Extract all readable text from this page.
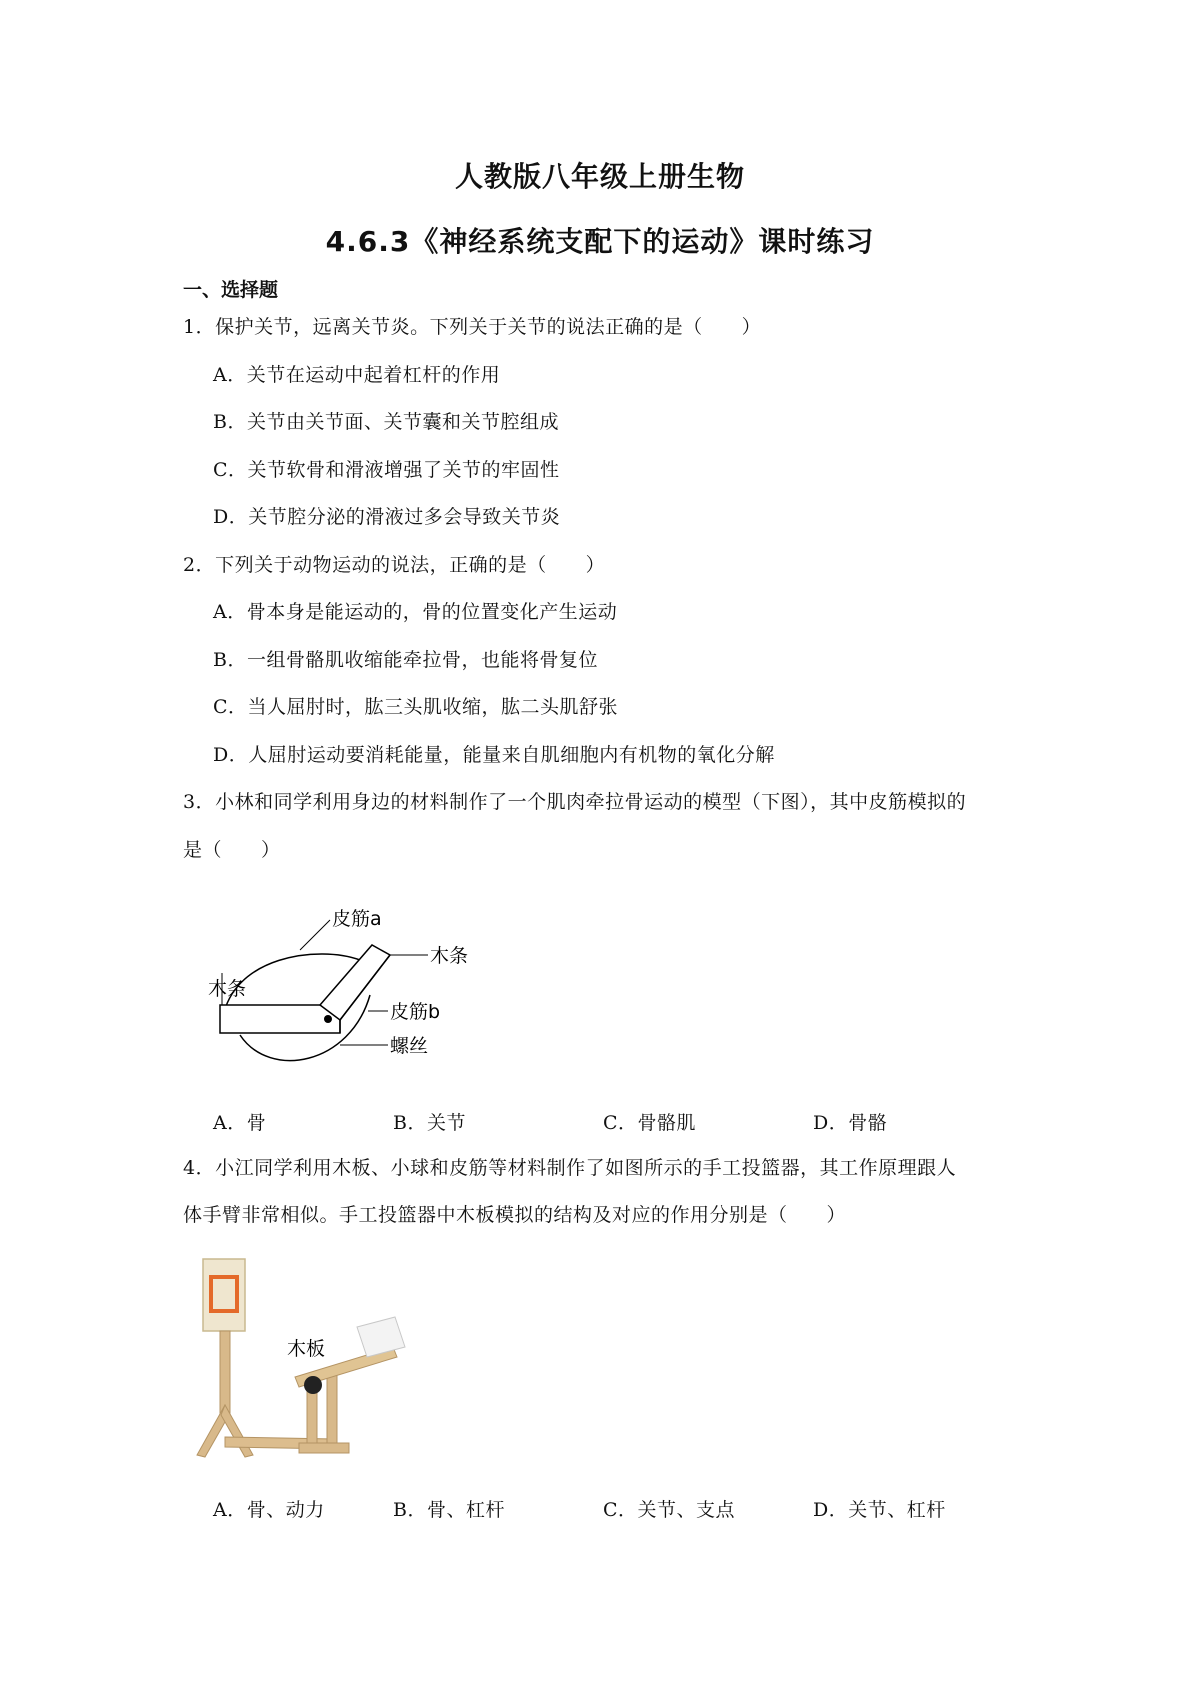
人教版八年级上册生物
4.6.3《神经系统支配下的运动》课时练习
一、选择题
1．保护关节，远离关节炎。下列关于关节的说法正确的是（　　）
A．关节在运动中起着杠杆的作用
B．关节由关节面、关节囊和关节腔组成
C．关节软骨和滑液增强了关节的牢固性
D．关节腔分泌的滑液过多会导致关节炎
2．下列关于动物运动的说法，正确的是（　　）
A．骨本身是能运动的，骨的位置变化产生运动
B．一组骨骼肌收缩能牵拉骨，也能将骨复位
C．当人屈肘时，肱三头肌收缩，肱二头肌舒张
D．人屈肘运动要消耗能量，能量来自肌细胞内有机物的氧化分解
3．小林和同学利用身边的材料制作了一个肌肉牵拉骨运动的模型（下图），其中皮筋模拟的
是（　　）
皮筋a
木条
木条
皮筋b
螺丝
A．骨	B．关节	C．骨骼肌	D．骨骼
4．小江同学利用木板、小球和皮筋等材料制作了如图所示的手工投篮器，其工作原理跟人
体手臂非常相似。手工投篮器中木板模拟的结构及对应的作用分别是（　　）
木板
A．骨、动力	B．骨、杠杆	C．关节、支点	D．关节、杠杆
